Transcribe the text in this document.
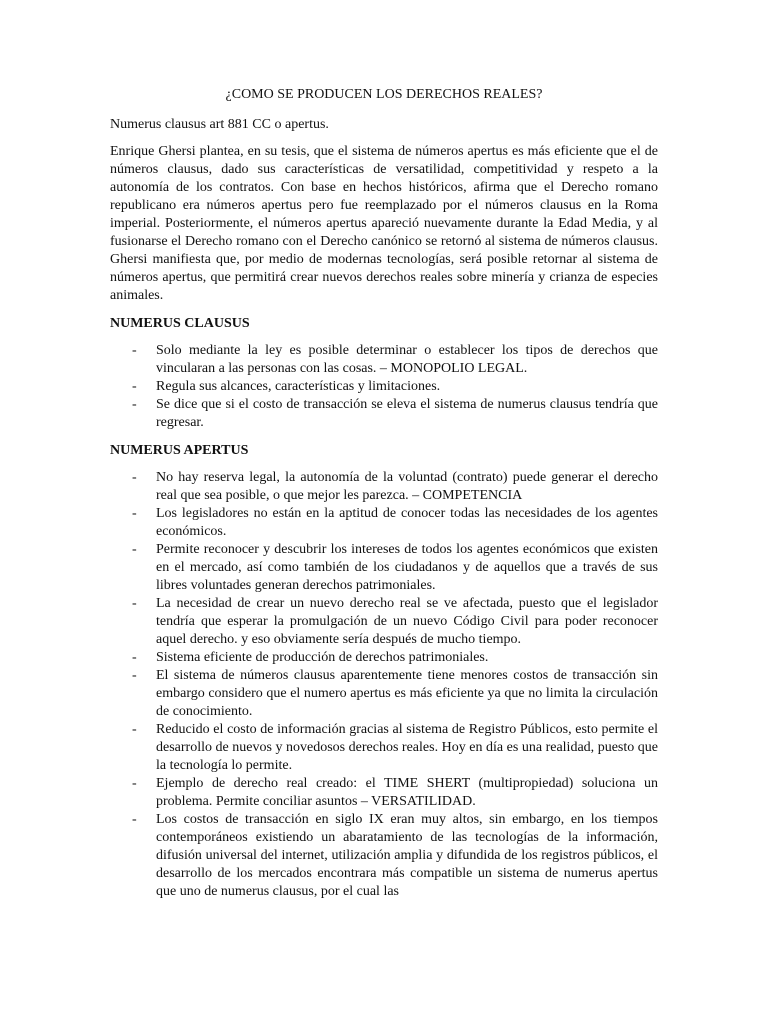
¿COMO SE PRODUCEN LOS DERECHOS REALES?

Numerus clausus art 881 CC o apertus.

Enrique Ghersi plantea, en su tesis, que el sistema de números apertus es más eficiente que el de números clausus, dado sus características de versatilidad, competitividad y respeto a la autonomía de los contratos. Con base en hechos históricos, afirma que el Derecho romano republicano era números apertus pero fue reemplazado por el números clausus en la Roma imperial. Posteriormente, el números apertus apareció nuevamente durante la Edad Media, y al fusionarse el Derecho romano con el Derecho canónico se retornó al sistema de números clausus. Ghersi manifiesta que, por medio de modernas tecnologías, será posible retornar al sistema de números apertus, que permitirá crear nuevos derechos reales sobre minería y crianza de especies animales.

NUMERUS CLAUSUS
- Solo mediante la ley es posible determinar o establecer los tipos de derechos que vincularan a las personas con las cosas. – MONOPOLIO LEGAL.
- Regula sus alcances, características y limitaciones.
- Se dice que si el costo de transacción se eleva el sistema de numerus clausus tendría que regresar.
NUMERUS APERTUS
- No hay reserva legal, la autonomía de la voluntad (contrato) puede generar el derecho real que sea posible, o que mejor les parezca. – COMPETENCIA
- Los legisladores no están en la aptitud de conocer todas las necesidades de los agentes económicos.
- Permite reconocer y descubrir los intereses de todos los agentes económicos que existen en el mercado, así como también de los ciudadanos y de aquellos que a través de sus libres voluntades generan derechos patrimoniales.
- La necesidad de crear un nuevo derecho real se ve afectada, puesto que el legislador tendría que esperar la promulgación de un nuevo Código Civil para poder reconocer aquel derecho. y eso obviamente sería después de mucho tiempo.
- Sistema eficiente de producción de derechos patrimoniales.
- El sistema de números clausus aparentemente tiene menores costos de transacción sin embargo considero que el numero apertus es más eficiente ya que no limita la circulación de conocimiento.
- Reducido el costo de información gracias al sistema de Registro Públicos, esto permite el desarrollo de nuevos y novedosos derechos reales. Hoy en día es una realidad, puesto que la tecnología lo permite.
- Ejemplo de derecho real creado: el TIME SHERT (multipropiedad) soluciona un problema. Permite conciliar asuntos – VERSATILIDAD.
- Los costos de transacción en siglo IX eran muy altos, sin embargo, en los tiempos contemporáneos existiendo un abaratamiento de las tecnologías de la información, difusión universal del internet, utilización amplia y difundida de los registros públicos, el desarrollo de los mercados encontrara más compatible un sistema de numerus apertus que uno de numerus clausus, por el cual las
